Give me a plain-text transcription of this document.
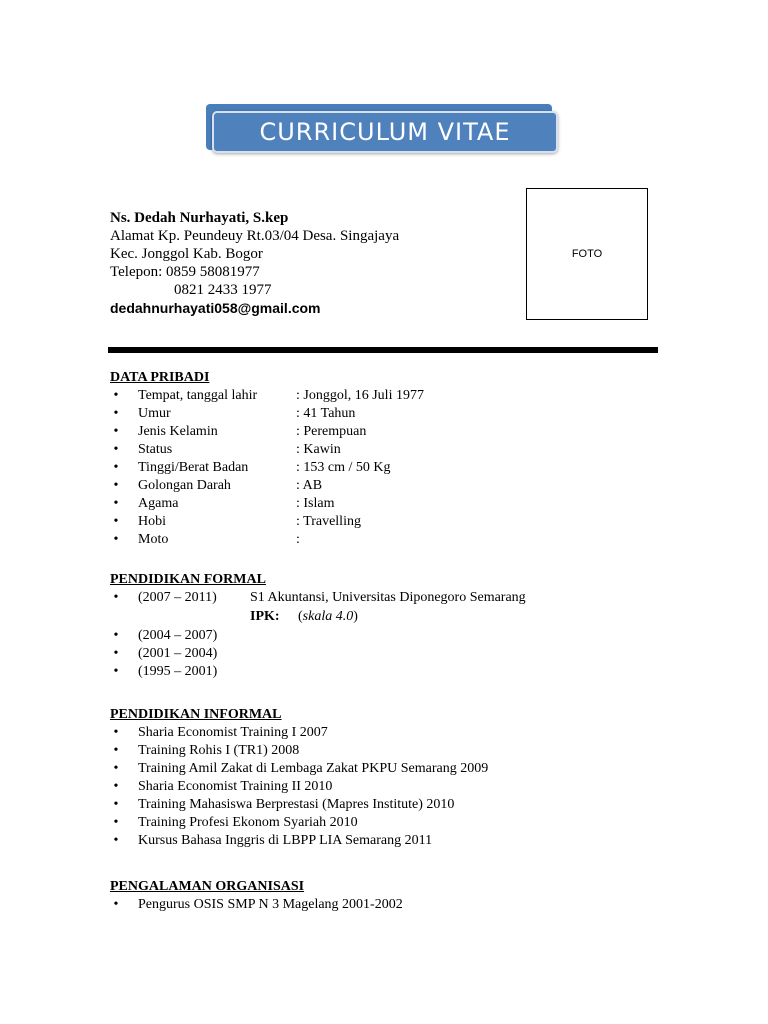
CURRICULUM VITAE
Ns. Dedah Nurhayati, S.kep
Alamat Kp. Peundeuy Rt.03/04 Desa. Singajaya
Kec. Jonggol Kab. Bogor
Telepon: 0859 58081977
0821 2433 1977
dedahnurhayati058@gmail.com
FOTO
DATA PRIBADI
• Tempat, tanggal lahir	: Jonggol, 16 Juli 1977
• Umur	: 41 Tahun
• Jenis Kelamin	: Perempuan
• Status	: Kawin
• Tinggi/Berat Badan	: 153 cm / 50 Kg
• Golongan Darah	: AB
• Agama	: Islam
• Hobi	: Travelling
• Moto	:
PENDIDIKAN FORMAL
• (2007 – 2011) S1 Akuntansi, Universitas Diponegoro Semarang
IPK: (skala 4.0)
• (2004 – 2007)
• (2001 – 2004)
• (1995 – 2001)
PENDIDIKAN INFORMAL
• Sharia Economist Training I 2007
• Training Rohis I (TR1) 2008
• Training Amil Zakat di Lembaga Zakat PKPU Semarang 2009
• Sharia Economist Training II 2010
• Training Mahasiswa Berprestasi (Mapres Institute) 2010
• Training Profesi Ekonom Syariah 2010
• Kursus Bahasa Inggris di LBPP LIA Semarang 2011
PENGALAMAN ORGANISASI
• Pengurus OSIS SMP N 3 Magelang 2001-2002
